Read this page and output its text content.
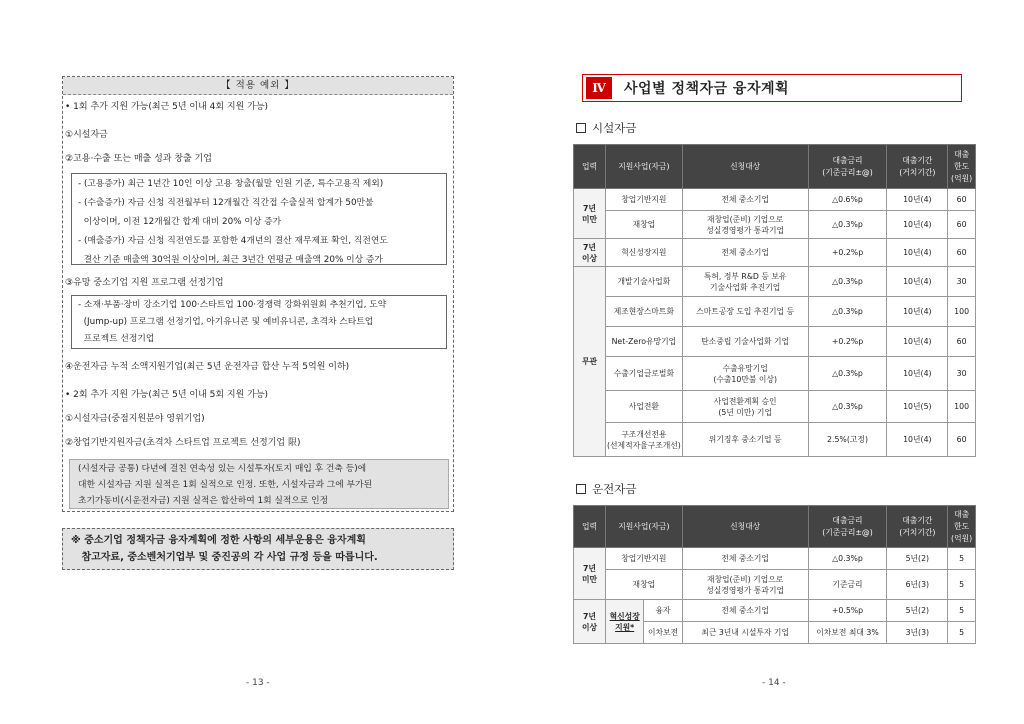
【 적용 예외 】
• 1회 추가 지원 가능(최근 5년 이내 4회 지원 가능)
①시설자금
②고용·수출 또는 매출 성과 창출 기업
- (고용증가) 최근 1년간 10인 이상 고용 창출(월말 인원 기준, 특수고용직 제외)
- (수출증가) 자금 신청 직전월부터 12개월간 직간접 수출실적 합계가 50만불
이상이며, 이전 12개월간 합계 대비 20% 이상 증가
- (매출증가) 자금 신청 직전연도를 포함한 4개년의 결산 재무제표 확인, 직전연도
결산 기준 매출액 30억원 이상이며, 최근 3년간 연평균 매출액 20% 이상 증가
③유망 중소기업 지원 프로그램 선정기업
- 소재·부품·장비 강소기업 100·스타트업 100·경쟁력 강화위원회 추천기업, 도약
(Jump-up) 프로그램 선정기업, 아기유니콘 및 예비유니콘, 초격차 스타트업
프로젝트 선정기업
④운전자금 누적 소액지원기업(최근 5년 운전자금 합산 누적 5억원 이하)
• 2회 추가 지원 가능(최근 5년 이내 5회 지원 가능)
①시설자금(중점지원분야 영위기업)
②창업기반지원자금(초격차 스타트업 프로젝트 선정기업 限)
(시설자금 공통) 다년에 걸친 연속성 있는 시설투자(토지 매입 후 건축 등)에
대한 시설자금 지원 실적은 1회 실적으로 인정. 또한, 시설자금과 그에 부가된
초기가동비(시운전자금) 지원 실적은 합산하여 1회 실적으로 인정
※ 중소기업 정책자금 융자계획에 정한 사항의 세부운용은 융자계획
참고자료, 중소벤처기업부 및 중진공의 각 사업 규정 등을 따릅니다.
- 13 -
Ⅳ	사업별 정책자금 융자계획
시설자금
업력	지원사업(자금)	신청대상	대출금리
(기준금리±@)	대출기간
(거치기간)	대출
한도
(억원)
7년
미만	창업기반지원	전체 중소기업	△0.6%p	10년(4)	60
	재창업	재창업(준비) 기업으로
성실경영평가 통과기업	△0.3%p	10년(4)	60
7년
이상	혁신성장지원	전체 중소기업	+0.2%p	10년(4)	60
무관	개발기술사업화	특허, 정부 R&D 등 보유
기술사업화 추진기업	△0.3%p	10년(4)	30
	제조현장스마트화	스마트공장 도입 추진기업 등	△0.3%p	10년(4)	100
	Net-Zero유망기업	탄소중립 기술사업화 기업	+0.2%p	10년(4)	60
	수출기업글로벌화	수출유망기업
(수출10만불 이상)	△0.3%p	10년(4)	30
	사업전환	사업전환계획 승인
(5년 미만) 기업	△0.3%p	10년(5)	100
	구조개선전용
(선제적자율구조개선)	위기징후 중소기업 등	2.5%(고정)	10년(4)	60
운전자금
업력	지원사업(자금)		신청대상	대출금리
(기준금리±@)	대출기간
(거치기간)	대출
한도
(억원)
7년
미만	창업기반지원		전체 중소기업	△0.3%p	5년(2)	5
	재창업		재창업(준비) 기업으로
성실경영평가 통과기업	기준금리	6년(3)	5
7년
이상	혁신성장
지원*	융자	전체 중소기업	+0.5%p	5년(2)	5
		이차보전	최근 3년내 시설투자 기업	이차보전 최대 3%	3년(3)	5
- 14 -
